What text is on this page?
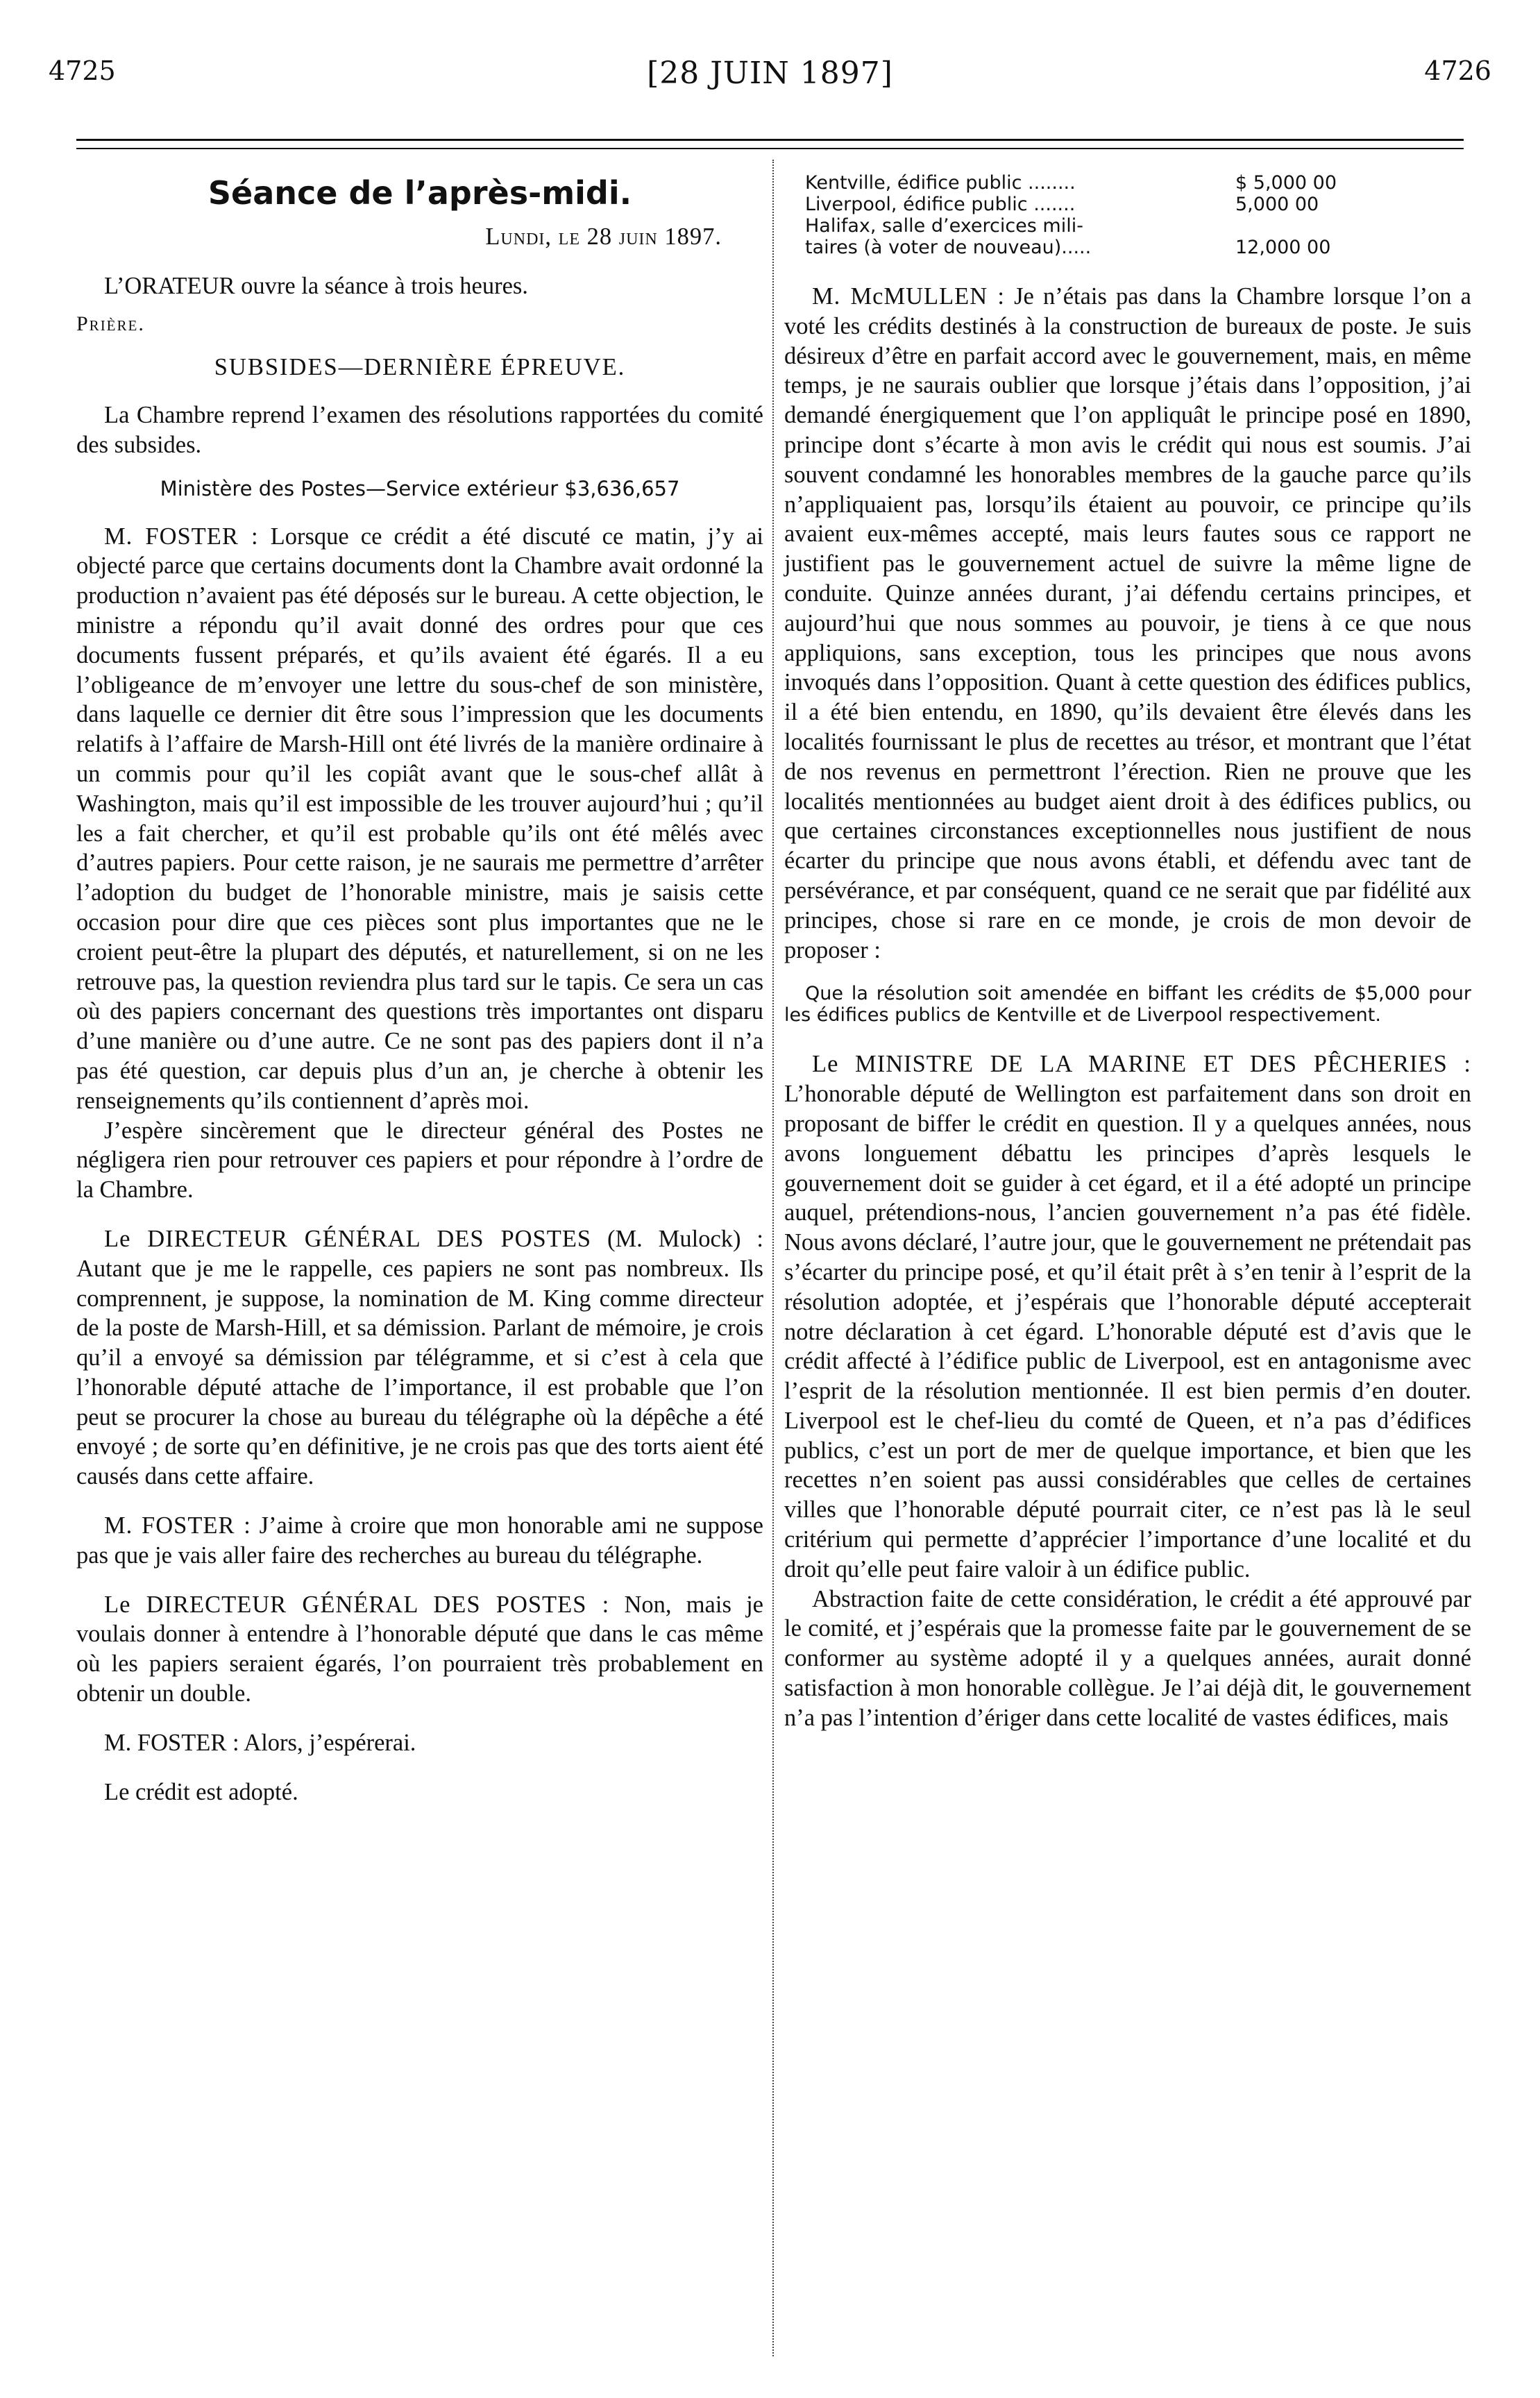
4725	[28 JUIN 1897]	4726

Séance de l’après-midi.

Lundi, le 28 juin 1897.

L’ORATEUR ouvre la séance à trois heures.

Prière.

SUBSIDES—DERNIÈRE ÉPREUVE.

La Chambre reprend l’examen des résolutions rapportées du comité des subsides.

Ministère des Postes—Service extérieur $3,636,657

M. FOSTER : Lorsque ce crédit a été discuté ce matin, j’y ai objecté parce que certains documents dont la Chambre avait ordonné la production n’avaient pas été déposés sur le bureau. A cette objection, le ministre a répondu qu’il avait donné des ordres pour que ces documents fussent préparés, et qu’ils avaient été égarés. Il a eu l’obligeance de m’envoyer une lettre du sous-chef de son ministère, dans laquelle ce dernier dit être sous l’impression que les documents relatifs à l’affaire de Marsh-Hill ont été livrés de la manière ordinaire à un commis pour qu’il les copiât avant que le sous-chef allât à Washington, mais qu’il est impossible de les trouver aujourd’hui ; qu’il les a fait chercher, et qu’il est probable qu’ils ont été mêlés avec d’autres papiers. Pour cette raison, je ne saurais me permettre d’arrêter l’adoption du budget de l’honorable ministre, mais je saisis cette occasion pour dire que ces pièces sont plus importantes que ne le croient peut-être la plupart des députés, et naturellement, si on ne les retrouve pas, la question reviendra plus tard sur le tapis. Ce sera un cas où des papiers concernant des questions très importantes ont disparu d’une manière ou d’une autre. Ce ne sont pas des papiers dont il n’a pas été question, car depuis plus d’un an, je cherche à obtenir les renseignements qu’ils contiennent d’après moi.

J’espère sincèrement que le directeur général des Postes ne négligera rien pour retrouver ces papiers et pour répondre à l’ordre de la Chambre.

Le DIRECTEUR GÉNÉRAL DES POSTES (M. Mulock) : Autant que je me le rappelle, ces papiers ne sont pas nombreux. Ils comprennent, je suppose, la nomination de M. King comme directeur de la poste de Marsh-Hill, et sa démission. Parlant de mémoire, je crois qu’il a envoyé sa démission par télégramme, et si c’est à cela que l’honorable député attache de l’importance, il est probable que l’on peut se procurer la chose au bureau du télégraphe où la dépêche a été envoyé ; de sorte qu’en définitive, je ne crois pas que des torts aient été causés dans cette affaire.

M. FOSTER : J’aime à croire que mon honorable ami ne suppose pas que je vais aller faire des recherches au bureau du télégraphe.

Le DIRECTEUR GÉNÉRAL DES POSTES : Non, mais je voulais donner à entendre à l’honorable député que dans le cas même où les papiers seraient égarés, l’on pourraient très probablement en obtenir un double.

M. FOSTER : Alors, j’espérerai.

Le crédit est adopté.

Kentville, édifice public ........	$ 5,000 00
Liverpool, édifice public .......	5,000 00
Halifax, salle d’exercices mili-
taires (à voter de nouveau).....	12,000 00

M. McMULLEN : Je n’étais pas dans la Chambre lorsque l’on a voté les crédits destinés à la construction de bureaux de poste. Je suis désireux d’être en parfait accord avec le gouvernement, mais, en même temps, je ne saurais oublier que lorsque j’étais dans l’opposition, j’ai demandé énergiquement que l’on appliquât le principe posé en 1890, principe dont s’écarte à mon avis le crédit qui nous est soumis. J’ai souvent condamné les honorables membres de la gauche parce qu’ils n’appliquaient pas, lorsqu’ils étaient au pouvoir, ce principe qu’ils avaient eux-mêmes accepté, mais leurs fautes sous ce rapport ne justifient pas le gouvernement actuel de suivre la même ligne de conduite. Quinze années durant, j’ai défendu certains principes, et aujourd’hui que nous sommes au pouvoir, je tiens à ce que nous appliquions, sans exception, tous les principes que nous avons invoqués dans l’opposition. Quant à cette question des édifices publics, il a été bien entendu, en 1890, qu’ils devaient être élevés dans les localités fournissant le plus de recettes au trésor, et montrant que l’état de nos revenus en permettront l’érection. Rien ne prouve que les localités mentionnées au budget aient droit à des édifices publics, ou que certaines circonstances exceptionnelles nous justifient de nous écarter du principe que nous avons établi, et défendu avec tant de persévérance, et par conséquent, quand ce ne serait que par fidélité aux principes, chose si rare en ce monde, je crois de mon devoir de proposer :

Que la résolution soit amendée en biffant les crédits de $5,000 pour les édifices publics de Kentville et de Liverpool respectivement.

Le MINISTRE DE LA MARINE ET DES PÊCHERIES : L’honorable député de Wellington est parfaitement dans son droit en proposant de biffer le crédit en question. Il y a quelques années, nous avons longuement débattu les principes d’après lesquels le gouvernement doit se guider à cet égard, et il a été adopté un principe auquel, prétendions-nous, l’ancien gouvernement n’a pas été fidèle. Nous avons déclaré, l’autre jour, que le gouvernement ne prétendait pas s’écarter du principe posé, et qu’il était prêt à s’en tenir à l’esprit de la résolution adoptée, et j’espérais que l’honorable député accepterait notre déclaration à cet égard. L’honorable député est d’avis que le crédit affecté à l’édifice public de Liverpool, est en antagonisme avec l’esprit de la résolution mentionnée. Il est bien permis d’en douter. Liverpool est le chef-lieu du comté de Queen, et n’a pas d’édifices publics, c’est un port de mer de quelque importance, et bien que les recettes n’en soient pas aussi considérables que celles de certaines villes que l’honorable député pourrait citer, ce n’est pas là le seul critérium qui permette d’apprécier l’importance d’une localité et du droit qu’elle peut faire valoir à un édifice public.

Abstraction faite de cette considération, le crédit a été approuvé par le comité, et j’espérais que la promesse faite par le gouvernement de se conformer au système adopté il y a quelques années, aurait donné satisfaction à mon honorable collègue. Je l’ai déjà dit, le gouvernement n’a pas l’intention d’ériger dans cette localité de vastes édifices, mais
